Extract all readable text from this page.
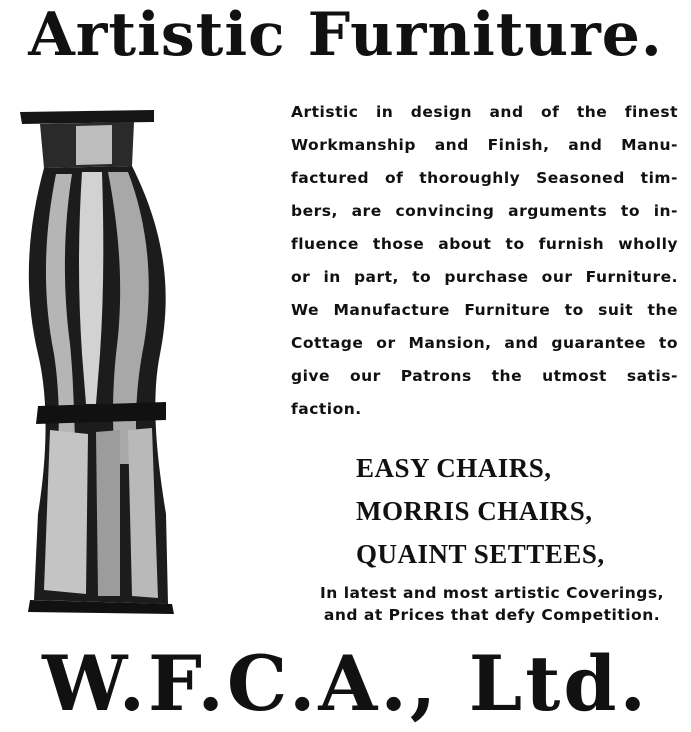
Artistic Furniture.
Artistic in design and of the finest
Workmanship and Finish, and Manu-
factured of thoroughly Seasoned tim-
bers, are convincing arguments to in-
fluence those about to furnish wholly
or in part, to purchase our Furniture.
We Manufacture Furniture to suit the
Cottage or Mansion, and guarantee to
give our Patrons the utmost satis-
faction.
EASY CHAIRS,
MORRIS CHAIRS,
QUAINT SETTEES,
In latest and most artistic Coverings,
and at Prices that defy Competition.
W.F.C.A., Ltd.
